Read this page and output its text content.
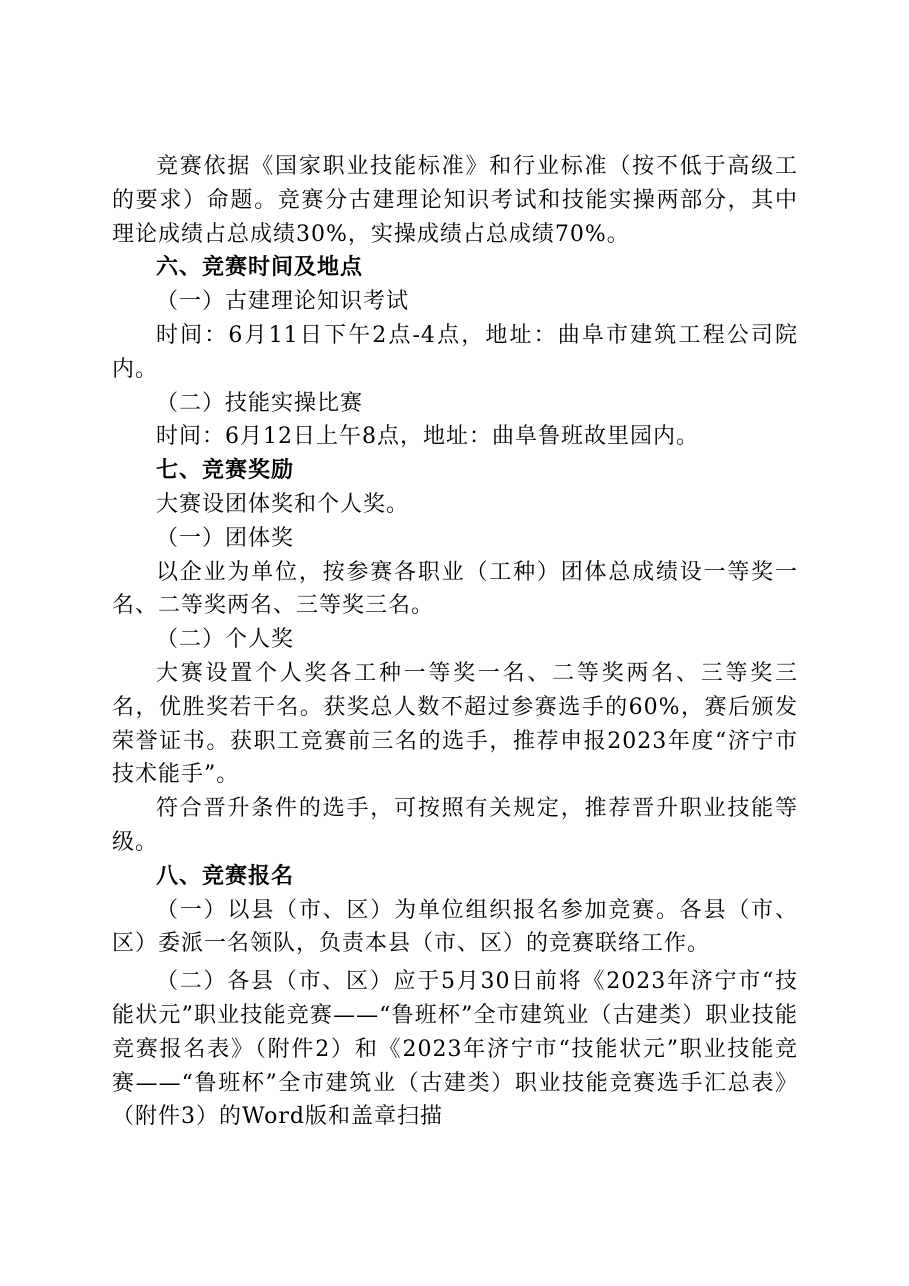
竞赛依据《国家职业技能标准》和行业标准（按不低于高级工的要求）命题。竞赛分古建理论知识考试和技能实操两部分，其中理论成绩占总成绩30%，实操成绩占总成绩70%。

六、竞赛时间及地点

（一）古建理论知识考试

时间：6月11日下午2点-4点，地址：曲阜市建筑工程公司院内。

（二）技能实操比赛

时间：6月12日上午8点，地址：曲阜鲁班故里园内。

七、竞赛奖励

大赛设团体奖和个人奖。

（一）团体奖

以企业为单位，按参赛各职业（工种）团体总成绩设一等奖一名、二等奖两名、三等奖三名。

（二）个人奖

大赛设置个人奖各工种一等奖一名、二等奖两名、三等奖三名，优胜奖若干名。获奖总人数不超过参赛选手的60%，赛后颁发荣誉证书。获职工竞赛前三名的选手，推荐申报2023年度“济宁市技术能手”。

符合晋升条件的选手，可按照有关规定，推荐晋升职业技能等级。

八、竞赛报名

（一）以县（市、区）为单位组织报名参加竞赛。各县（市、区）委派一名领队，负责本县（市、区）的竞赛联络工作。

（二）各县（市、区）应于5月30日前将《2023年济宁市“技能状元”职业技能竞赛——“鲁班杯”全市建筑业（古建类）职业技能竞赛报名表》（附件2）和《2023年济宁市“技能状元”职业技能竞赛——“鲁班杯”全市建筑业（古建类）职业技能竞赛选手汇总表》（附件3）的Word版和盖章扫描
